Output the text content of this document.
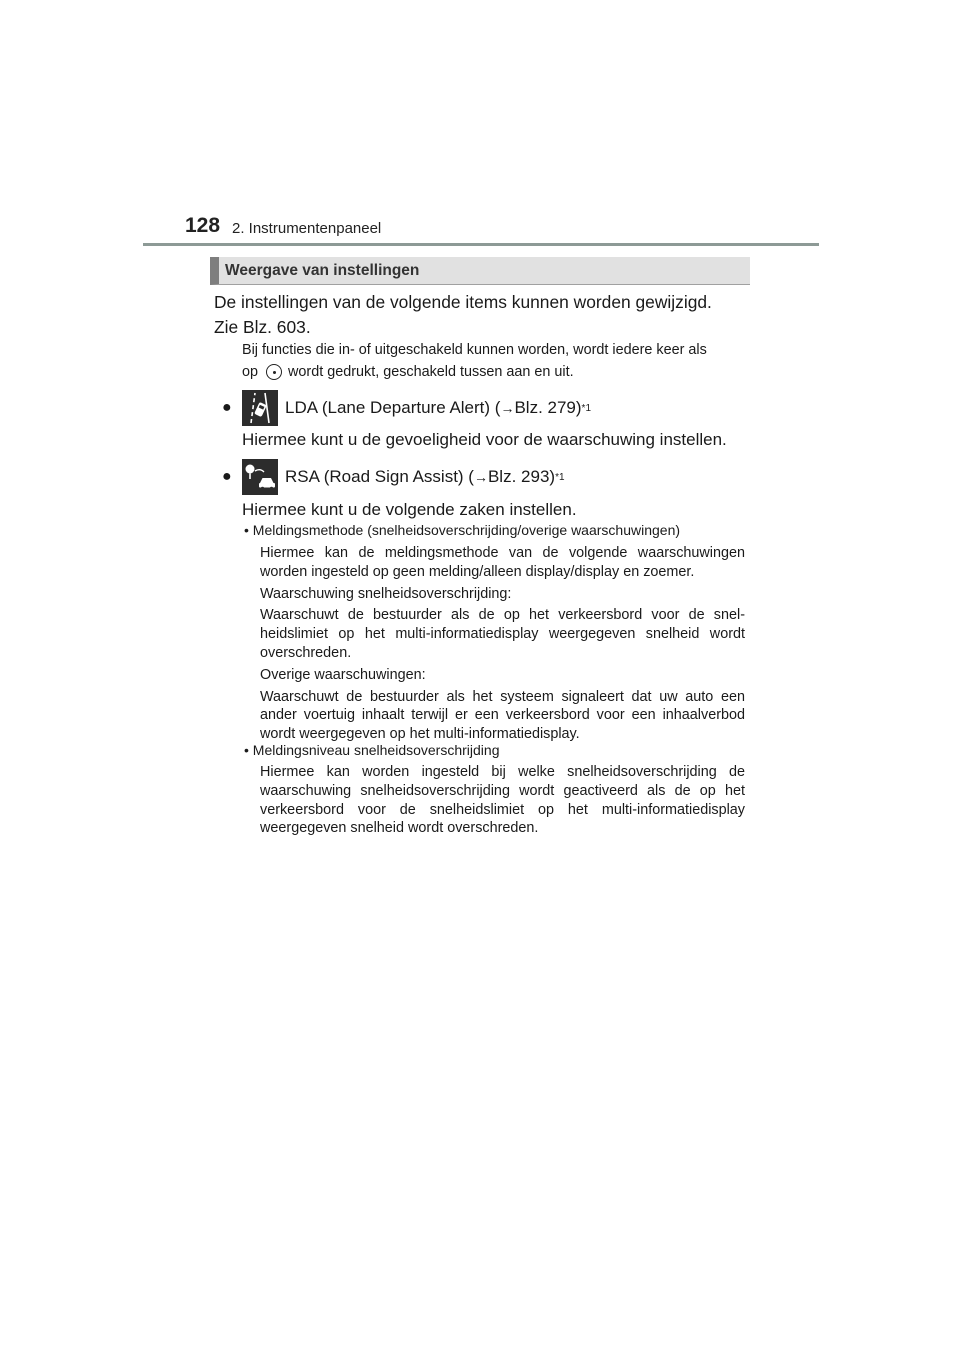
128 2. Instrumentenpaneel
Weergave van instellingen
De instellingen van de volgende items kunnen worden gewijzigd.
Zie Blz. 603.
Bij functies die in- of uitgeschakeld kunnen worden, wordt iedere keer als
op wordt gedrukt, geschakeld tussen aan en uit.
●	LDA (Lane Departure Alert) ( → Blz. 279) *1
Hiermee kunt u de gevoeligheid voor de waarschuwing instellen.
●	RSA (Road Sign Assist) ( → Blz. 293) *1
Hiermee kunt u de volgende zaken instellen.
• Meldingsmethode (snelheidsoverschrijding/overige waarschuwingen)

Hiermee kan de meldingsmethode van de volgende waarschuwingen worden ingesteld op geen melding/alleen display/display en zoemer.

Waarschuwing snelheidsoverschrijding:

Waarschuwt de bestuurder als de op het verkeersbord voor de snel-heidslimiet op het multi-informatiedisplay weergegeven snelheid wordt overschreden.

Overige waarschuwingen:

Waarschuwt de bestuurder als het systeem signaleert dat uw auto een ander voertuig inhaalt terwijl er een verkeersbord voor een inhaalverbod wordt weergegeven op het multi-informatiedisplay.

• Meldingsniveau snelheidsoverschrijding

Hiermee kan worden ingesteld bij welke snelheidsoverschrijding de waarschuwing snelheidsoverschrijding wordt geactiveerd als de op het verkeersbord voor de snelheidslimiet op het multi-informatiedisplay weergegeven snelheid wordt overschreden.
